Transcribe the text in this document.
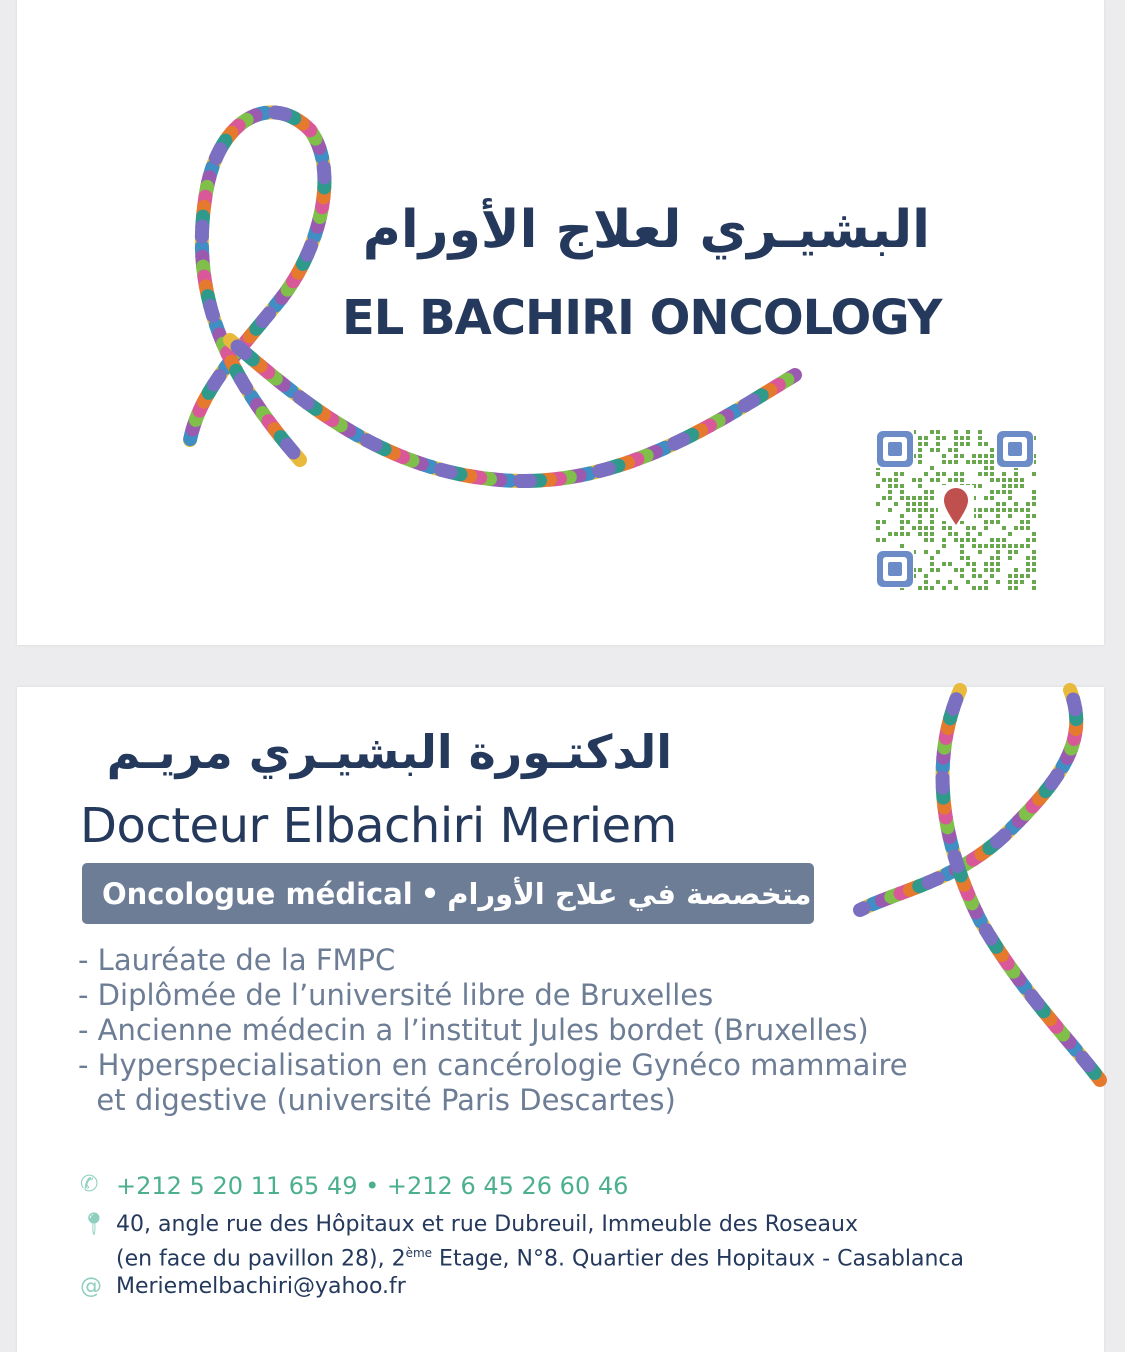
البشيـري لعلاج الأورام
EL BACHIRI ONCOLOGY
الدكتـورة البشيـري مريـم
Docteur Elbachiri Meriem
Oncologue médical • متخصصة في علاج الأورام
- Lauréate de la FMPC
- Diplômée de l’université libre de Bruxelles
- Ancienne médecin a l’institut Jules bordet (Bruxelles)
- Hyperspecialisation en cancérologie Gynéco mammaire
et digestive (université Paris Descartes)
✆ +212 5 20 11 65 49 • +212 6 45 26 60 46
📍︎ 40, angle rue des Hôpitaux et rue Dubreuil, Immeuble des Roseaux
(en face du pavillon 28), 2ème Etage, N°8. Quartier des Hopitaux - Casablanca
@ Meriemelbachiri@yahoo.fr
